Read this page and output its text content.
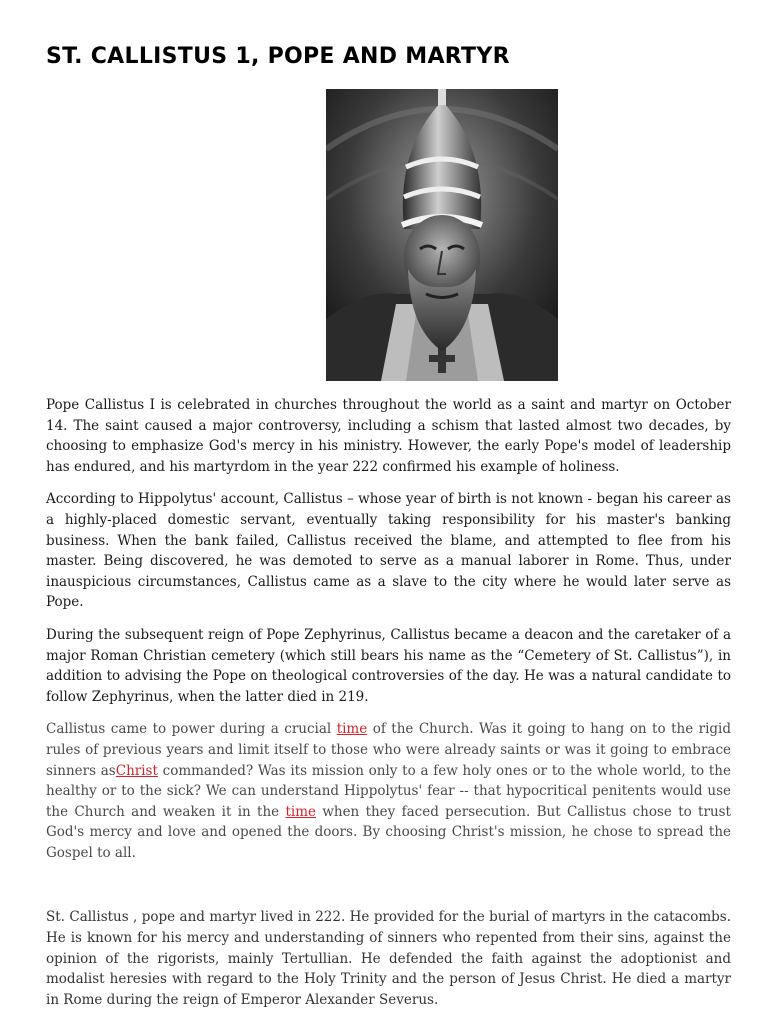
ST. CALLISTUS 1, POPE AND MARTYR

Pope Callistus I is celebrated in churches throughout the world as a saint and martyr on October 14. The saint caused a major controversy, including a schism that lasted almost two decades, by choosing to emphasize God's mercy in his ministry. However, the early Pope's model of leadership has endured, and his martyrdom in the year 222 confirmed his example of holiness.

According to Hippolytus' account, Callistus – whose year of birth is not known - began his career as a highly-placed domestic servant, eventually taking responsibility for his master's banking business. When the bank failed, Callistus received the blame, and attempted to flee from his master. Being discovered, he was demoted to serve as a manual laborer in Rome. Thus, under inauspicious circumstances, Callistus came as a slave to the city where he would later serve as Pope.

During the subsequent reign of Pope Zephyrinus, Callistus became a deacon and the caretaker of a major Roman Christian cemetery (which still bears his name as the “Cemetery of St. Callistus”), in addition to advising the Pope on theological controversies of the day. He was a natural candidate to follow Zephyrinus, when the latter died in 219.

Callistus came to power during a crucial time of the Church. Was it going to hang on to the rigid rules of previous years and limit itself to those who were already saints or was it going to embrace sinners asChrist commanded? Was its mission only to a few holy ones or to the whole world, to the healthy or to the sick? We can understand Hippolytus' fear -- that hypocritical penitents would use the Church and weaken it in the time when they faced persecution. But Callistus chose to trust God's mercy and love and opened the doors. By choosing Christ's mission, he chose to spread the Gospel to all.

St. Callistus , pope and martyr lived in 222. He provided for the burial of martyrs in the catacombs. He is known for his mercy and understanding of sinners who repented from their sins, against the opinion of the rigorists, mainly Tertullian. He defended the faith against the adoptionist and modalist heresies with regard to the Holy Trinity and the person of Jesus Christ. He died a martyr in Rome during the reign of Emperor Alexander Severus.
